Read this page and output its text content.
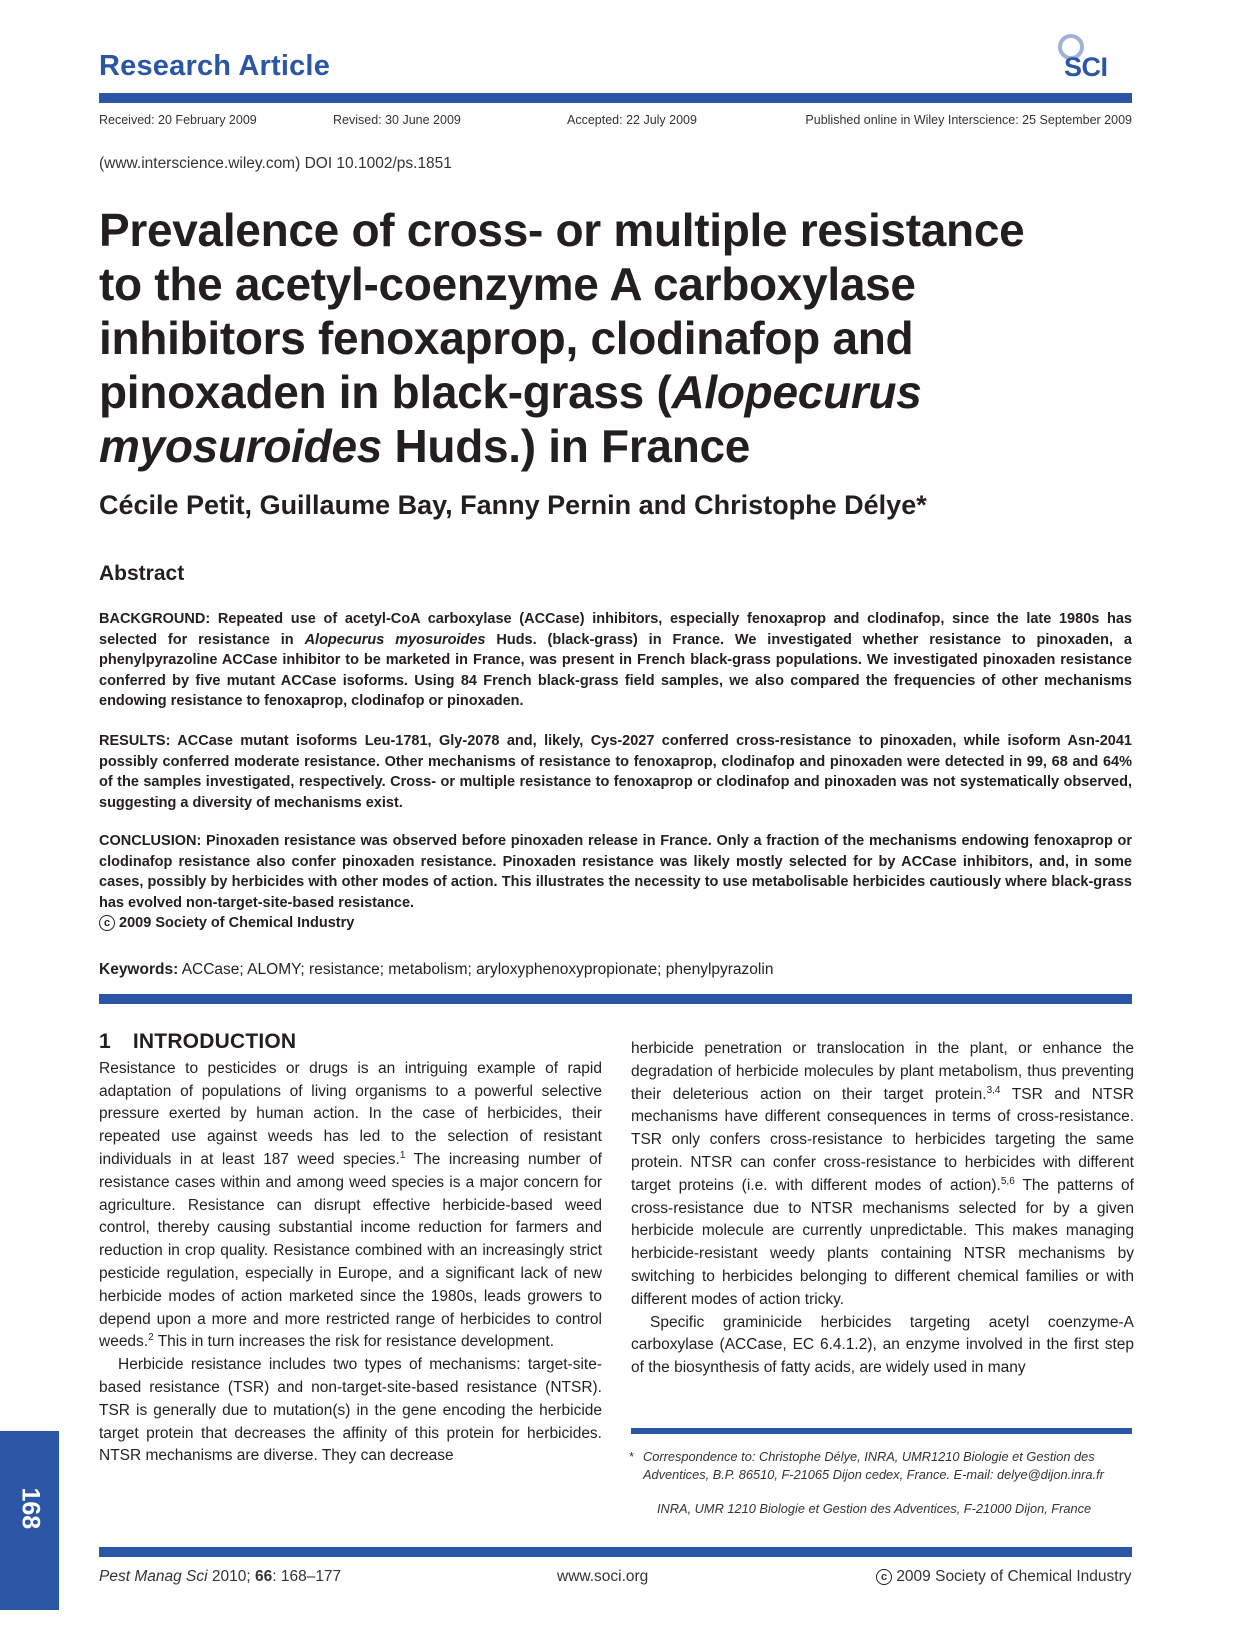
Research Article	SCI
Received: 20 February 2009	Revised: 30 June 2009	Accepted: 22 July 2009	Published online in Wiley Interscience: 25 September 2009
(www.interscience.wiley.com) DOI 10.1002/ps.1851
Prevalence of cross- or multiple resistance to the acetyl-coenzyme A carboxylase inhibitors fenoxaprop, clodinafop and pinoxaden in black-grass (Alopecurus myosuroides Huds.) in France
Cécile Petit, Guillaume Bay, Fanny Pernin and Christophe Délye*
Abstract
BACKGROUND: Repeated use of acetyl-CoA carboxylase (ACCase) inhibitors, especially fenoxaprop and clodinafop, since the late 1980s has selected for resistance in Alopecurus myosuroides Huds. (black-grass) in France. We investigated whether resistance to pinoxaden, a phenylpyrazoline ACCase inhibitor to be marketed in France, was present in French black-grass populations. We investigated pinoxaden resistance conferred by five mutant ACCase isoforms. Using 84 French black-grass field samples, we also compared the frequencies of other mechanisms endowing resistance to fenoxaprop, clodinafop or pinoxaden.
RESULTS: ACCase mutant isoforms Leu-1781, Gly-2078 and, likely, Cys-2027 conferred cross-resistance to pinoxaden, while isoform Asn-2041 possibly conferred moderate resistance. Other mechanisms of resistance to fenoxaprop, clodinafop and pinoxaden were detected in 99, 68 and 64% of the samples investigated, respectively. Cross- or multiple resistance to fenoxaprop or clodinafop and pinoxaden was not systematically observed, suggesting a diversity of mechanisms exist.
CONCLUSION: Pinoxaden resistance was observed before pinoxaden release in France. Only a fraction of the mechanisms endowing fenoxaprop or clodinafop resistance also confer pinoxaden resistance. Pinoxaden resistance was likely mostly selected for by ACCase inhibitors, and, in some cases, possibly by herbicides with other modes of action. This illustrates the necessity to use metabolisable herbicides cautiously where black-grass has evolved non-target-site-based resistance.
c 2009 Society of Chemical Industry
Keywords: ACCase; ALOMY; resistance; metabolism; aryloxyphenoxypropionate; phenylpyrazolin
1 INTRODUCTION

Resistance to pesticides or drugs is an intriguing example of rapid adaptation of populations of living organisms to a powerful selective pressure exerted by human action. In the case of herbicides, their repeated use against weeds has led to the selection of resistant individuals in at least 187 weed species.$^1$ The increasing number of resistance cases within and among weed species is a major concern for agriculture. Resistance can disrupt effective herbicide-based weed control, thereby causing substantial income reduction for farmers and reduction in crop quality. Resistance combined with an increasingly strict pesticide regulation, especially in Europe, and a significant lack of new herbicide modes of action marketed since the 1980s, leads growers to depend upon a more and more restricted range of herbicides to control weeds.$^2$ This in turn increases the risk for resistance development.

Herbicide resistance includes two types of mechanisms: target-site-based resistance (TSR) and non-target-site-based resistance (NTSR). TSR is generally due to mutation(s) in the gene encoding the herbicide target protein that decreases the affinity of this protein for herbicides. NTSR mechanisms are diverse. They can decrease

herbicide penetration or translocation in the plant, or enhance the degradation of herbicide molecules by plant metabolism, thus preventing their deleterious action on their target protein.$^{3,4}$ TSR and NTSR mechanisms have different consequences in terms of cross-resistance. TSR only confers cross-resistance to herbicides targeting the same protein. NTSR can confer cross-resistance to herbicides with different target proteins (i.e. with different modes of action).$^{5,6}$ The patterns of cross-resistance due to NTSR mechanisms selected for by a given herbicide molecule are currently unpredictable. This makes managing herbicide-resistant weedy plants containing NTSR mechanisms by switching to herbicides belonging to different chemical families or with different modes of action tricky.

Specific graminicide herbicides targeting acetyl coenzyme-A carboxylase (ACCase, EC 6.4.1.2), an enzyme involved in the first step of the biosynthesis of fatty acids, are widely used in many

* Correspondence to: Christophe Délye, INRA, UMR1210 Biologie et Gestion des Adventices, B.P. 86510, F-21065 Dijon cedex, France. E-mail: delye@dijon.inra.fr
INRA, UMR 1210 Biologie et Gestion des Adventices, F-21000 Dijon, France
168
Pest Manag Sci 2010; 66: 168–177	www.soci.org	c 2009 Society of Chemical Industry
